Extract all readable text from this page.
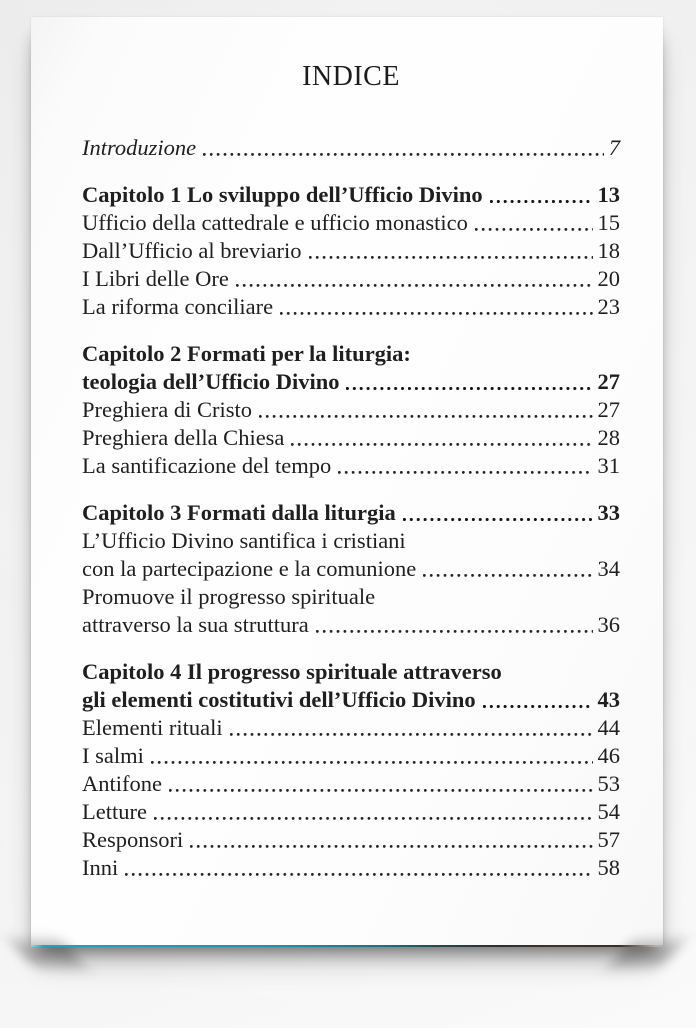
INDICE
Introduzione	7
Capitolo 1 Lo sviluppo dell’Ufficio Divino	13
Ufficio della cattedrale e ufficio monastico	15
Dall’Ufficio al breviario	18
I Libri delle Ore	20
La riforma conciliare	23
Capitolo 2 Formati per la liturgia:
teologia dell’Ufficio Divino	27
Preghiera di Cristo	27
Preghiera della Chiesa	28
La santificazione del tempo	31
Capitolo 3 Formati dalla liturgia	33
L’Ufficio Divino santifica i cristiani
con la partecipazione e la comunione	34
Promuove il progresso spirituale
attraverso la sua struttura	36
Capitolo 4 Il progresso spirituale attraverso
gli elementi costitutivi dell’Ufficio Divino	43
Elementi rituali	44
I salmi	46
Antifone	53
Letture	54
Responsori	57
Inni	58
